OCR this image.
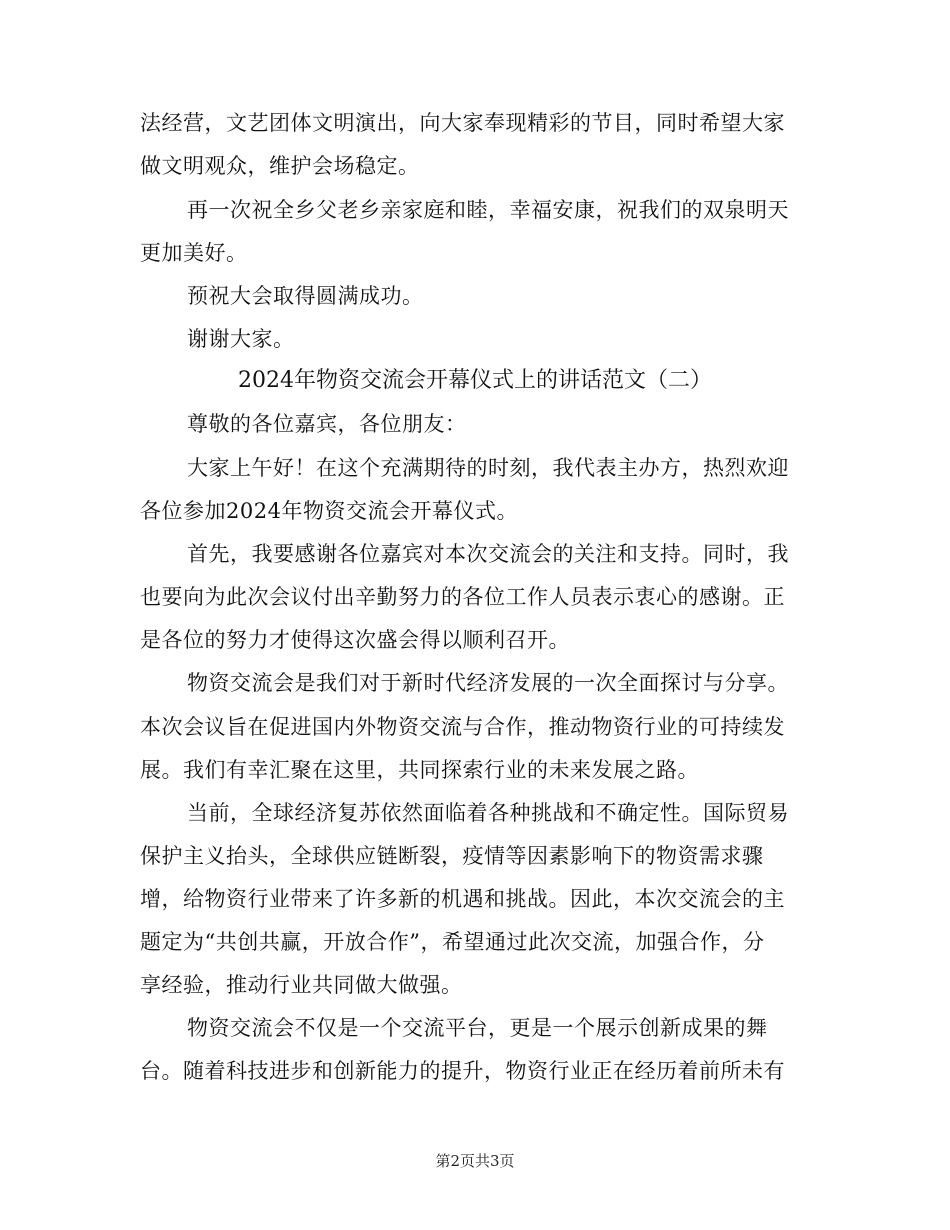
法经营，文艺团体文明演出，向大家奉现精彩的节目，同时希望大家
做文明观众，维护会场稳定。
再一次祝全乡父老乡亲家庭和睦，幸福安康，祝我们的双泉明天
更加美好。
预祝大会取得圆满成功。
谢谢大家。
2024年物资交流会开幕仪式上的讲话范文（二）
尊敬的各位嘉宾，各位朋友：
大家上午好！在这个充满期待的时刻，我代表主办方，热烈欢迎
各位参加2024年物资交流会开幕仪式。
首先，我要感谢各位嘉宾对本次交流会的关注和支持。同时，我
也要向为此次会议付出辛勤努力的各位工作人员表示衷心的感谢。正
是各位的努力才使得这次盛会得以顺利召开。
物资交流会是我们对于新时代经济发展的一次全面探讨与分享。
本次会议旨在促进国内外物资交流与合作，推动物资行业的可持续发
展。我们有幸汇聚在这里，共同探索行业的未来发展之路。
当前，全球经济复苏依然面临着各种挑战和不确定性。国际贸易
保护主义抬头，全球供应链断裂，疫情等因素影响下的物资需求骤
增，给物资行业带来了许多新的机遇和挑战。因此，本次交流会的主
题定为“共创共赢，开放合作”，希望通过此次交流，加强合作，分
享经验，推动行业共同做大做强。
物资交流会不仅是一个交流平台，更是一个展示创新成果的舞
台。随着科技进步和创新能力的提升，物资行业正在经历着前所未有
第2页共3页
